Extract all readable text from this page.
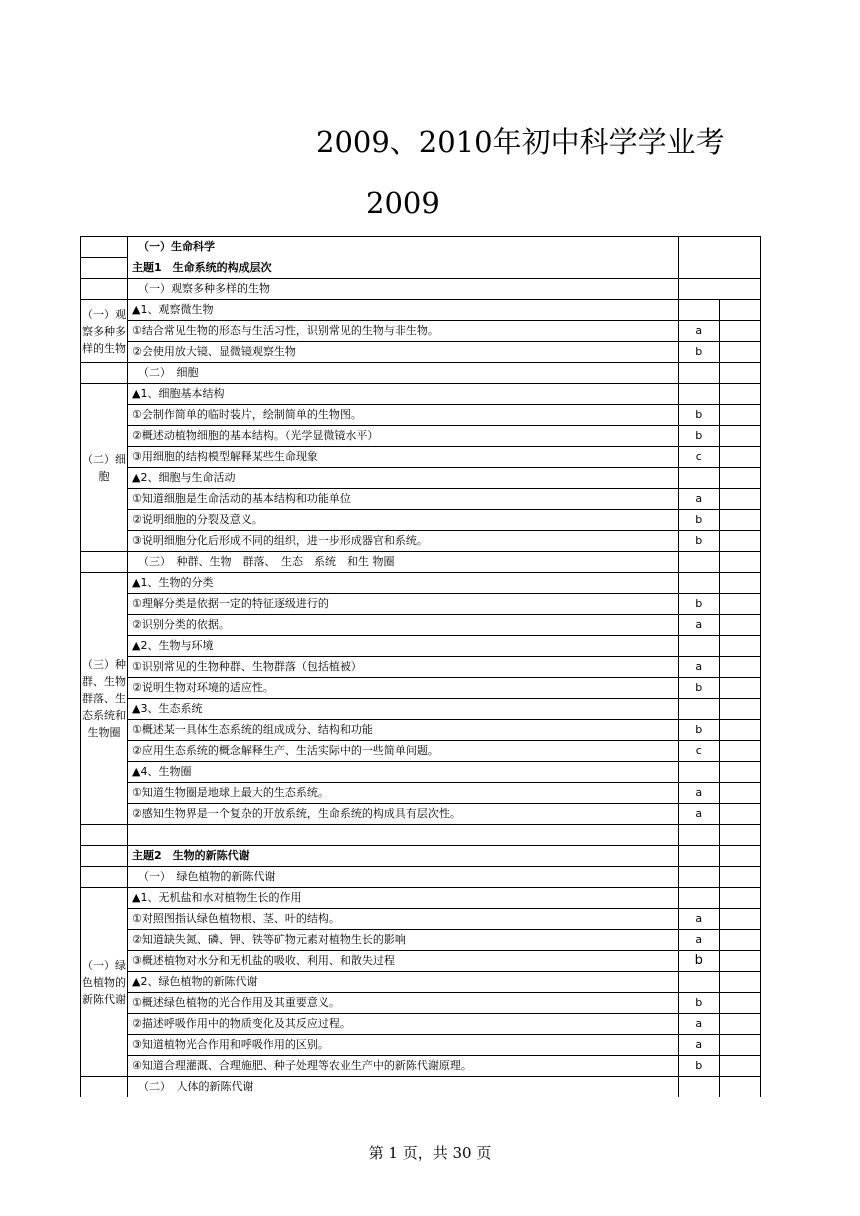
2009、2010年初中科学学业考
2009
	（一）生命科学		
	主题1　生命系统的构成层次		
	（一）观察多种多样的生物		
（一）观察多种多样的生物	▲1、观察微生物		
	①结合常见生物的形态与生活习性，识别常见的生物与非生物。	a	
	②会使用放大镜、显微镜观察生物	b	
	（二）　细胞		
（二）细胞	▲1、细胞基本结构		
	①会制作简单的临时装片，绘制简单的生物图。	b	
	②概述动植物细胞的基本结构。（光学显微镜水平）	b	
	③用细胞的结构模型解释某些生命现象	c	
	▲2、细胞与生命活动		
	①知道细胞是生命活动的基本结构和功能单位	a	
	②说明细胞的分裂及意义。	b	
	③说明细胞分化后形成不同的组织，进一步形成器官和系统。	b	
	（三）　种群、生物　群落、　生态　系统　和生 物圈		
（三）种群、生物群落、生态系统和生物圈	▲1、生物的分类		
	①理解分类是依据一定的特征逐级进行的	b	
	②识别分类的依据。	a	
	▲2、生物与环境		
	①识别常见的生物种群、生物群落（包括植被）	a	
	②说明生物对环境的适应性。	b	
	▲3、生态系统		
	①概述某一具体生态系统的组成成分、结构和功能	b	
	②应用生态系统的概念解释生产、生活实际中的一些简单问题。	c	
	▲4、生物圈		
	①知道生物圈是地球上最大的生态系统。	a	
	②感知生物界是一个复杂的开放系统，生命系统的构成具有层次性。	a	

	主题2　生物的新陈代谢		
	（一）　绿色植物的新陈代谢		
（一）绿色植物的新陈代谢	▲1、无机盐和水对植物生长的作用		
	①对照图指认绿色植物根、茎、叶的结构。	a	
	②知道缺失氮、磷、钾、铁等矿物元素对植物生长的影响	a	
	③概述植物对水分和无机盐的吸收、利用、和散失过程	b	
	▲2、绿色植物的新陈代谢		
	①概述绿色植物的光合作用及其重要意义。	b	
	②描述呼吸作用中的物质变化及其反应过程。	a	
	③知道植物光合作用和呼吸作用的区别。	a	
	④知道合理灌溉、合理施肥、种子处理等农业生产中的新陈代谢原理。	b	
	（二）　人体的新陈代谢		
第 1 页，共 30 页
